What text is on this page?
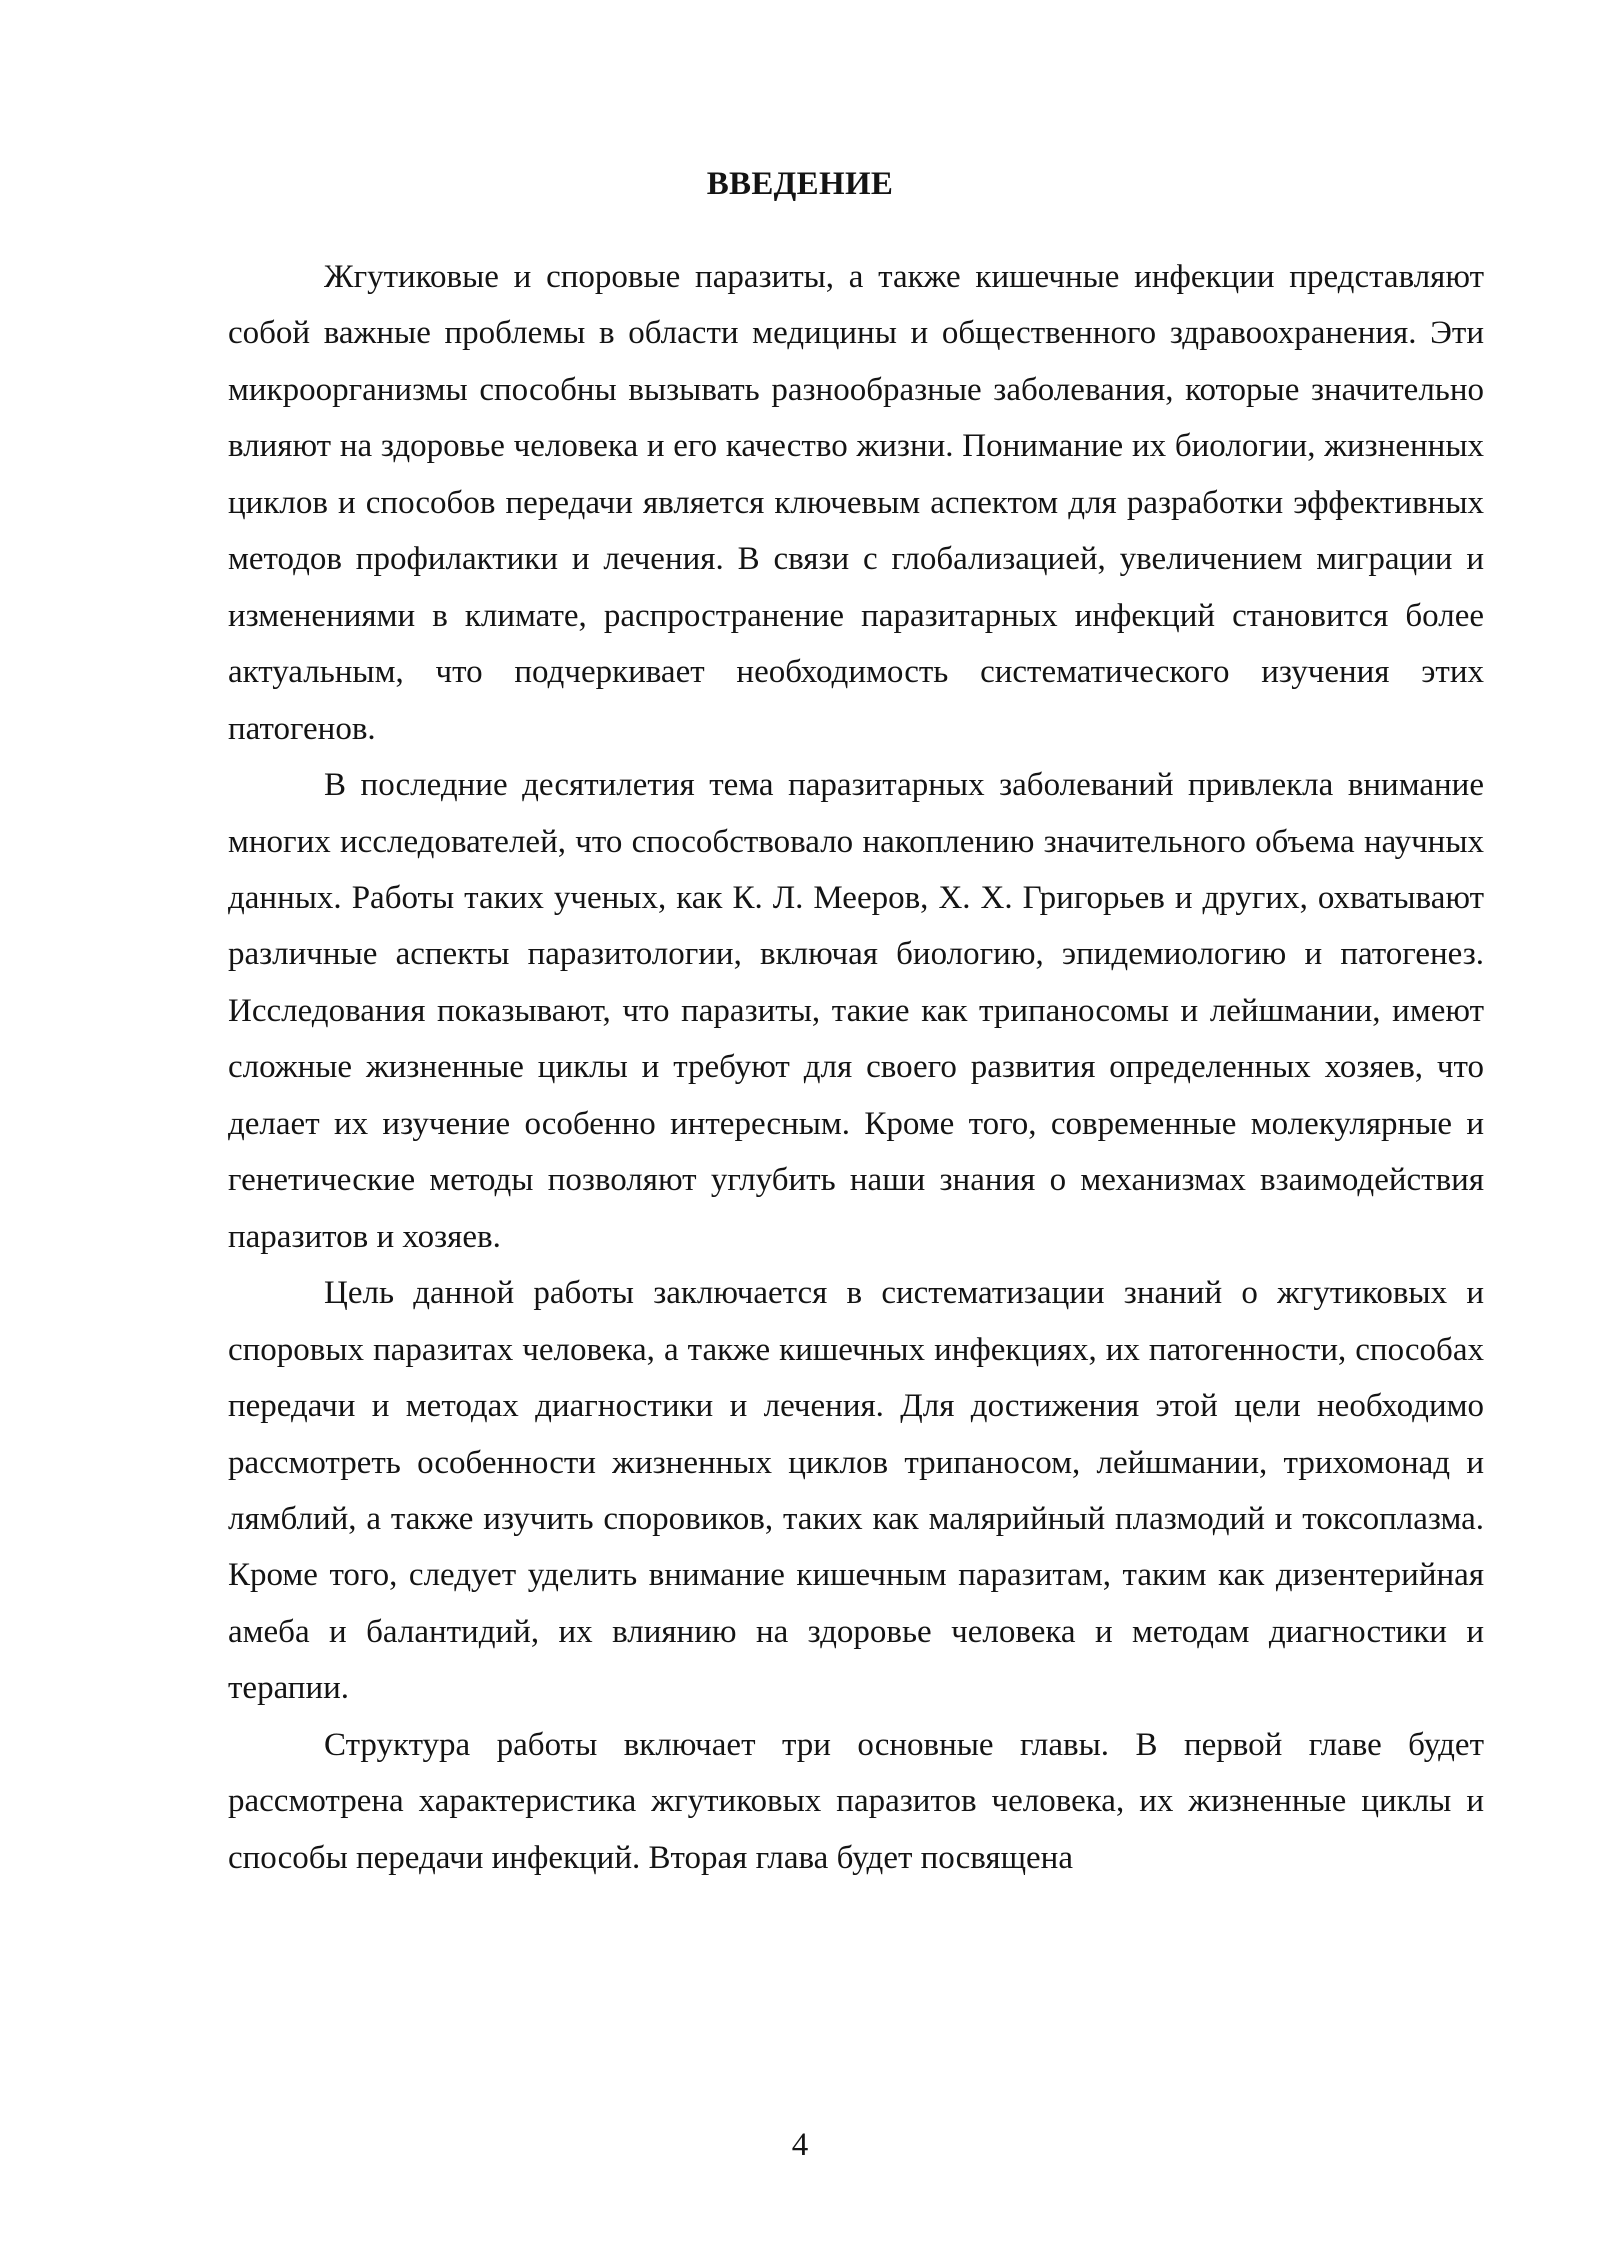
ВВЕДЕНИЕ

Жгутиковые и споровые паразиты, а также кишечные инфекции представляют собой важные проблемы в области медицины и общественного здравоохранения. Эти микроорганизмы способны вызывать разнообразные заболевания, которые значительно влияют на здоровье человека и его качество жизни. Понимание их биологии, жизненных циклов и способов передачи является ключевым аспектом для разработки эффективных методов профилактики и лечения. В связи с глобализацией, увеличением миграции и изменениями в климате, распространение паразитарных инфекций становится более актуальным, что подчеркивает необходимость систематического изучения этих патогенов.

В последние десятилетия тема паразитарных заболеваний привлекла внимание многих исследователей, что способствовало накоплению значительного объема научных данных. Работы таких ученых, как К. Л. Мееров, Х. Х. Григорьев и других, охватывают различные аспекты паразитологии, включая биологию, эпидемиологию и патогенез. Исследования показывают, что паразиты, такие как трипаносомы и лейшмании, имеют сложные жизненные циклы и требуют для своего развития определенных хозяев, что делает их изучение особенно интересным. Кроме того, современные молекулярные и генетические методы позволяют углубить наши знания о механизмах взаимодействия паразитов и хозяев.

Цель данной работы заключается в систематизации знаний о жгутиковых и споровых паразитах человека, а также кишечных инфекциях, их патогенности, способах передачи и методах диагностики и лечения. Для достижения этой цели необходимо рассмотреть особенности жизненных циклов трипаносом, лейшмании, трихомонад и лямблий, а также изучить споровиков, таких как малярийный плазмодий и токсоплазма. Кроме того, следует уделить внимание кишечным паразитам, таким как дизентерийная амеба и балантидий, их влиянию на здоровье человека и методам диагностики и терапии.

Структура работы включает три основные главы. В первой главе будет рассмотрена характеристика жгутиковых паразитов человека, их жизненные циклы и способы передачи инфекций. Вторая глава будет посвящена

4
